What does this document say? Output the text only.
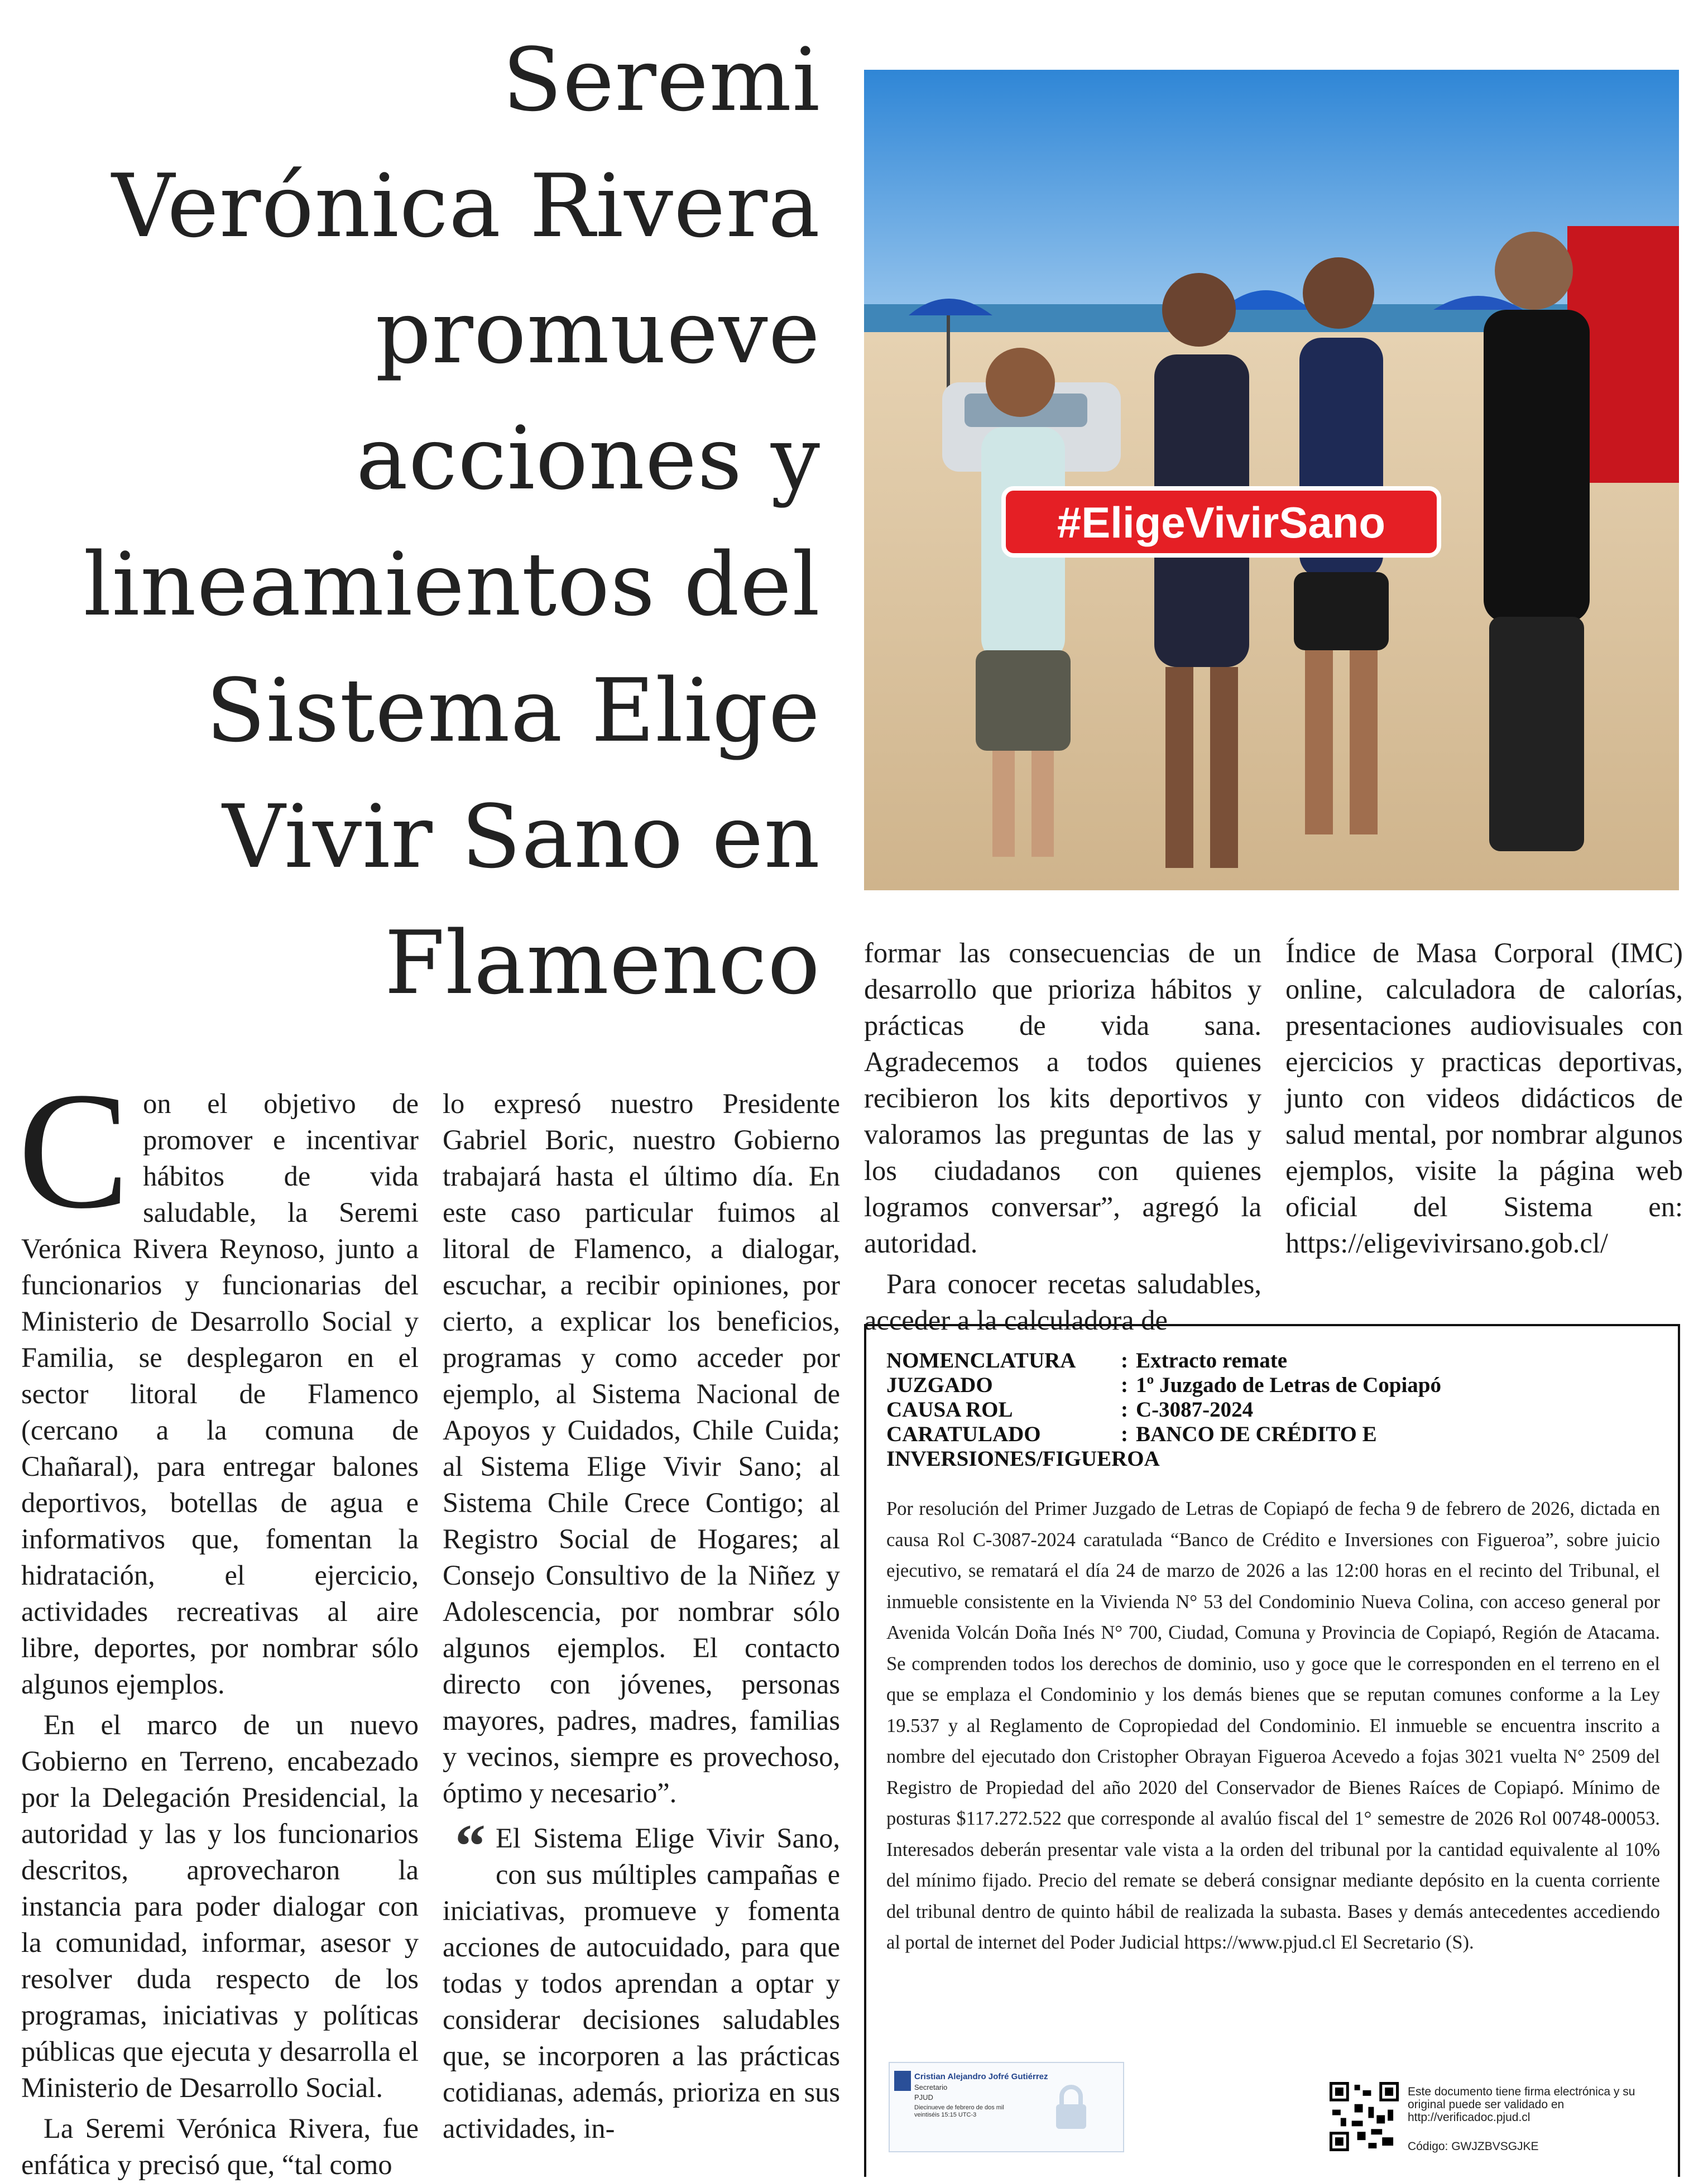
Seremi
Verónica Rivera
promueve
acciones y
lineamientos del
Sistema Elige
Vivir Sano en
Flamenco
#EligeVivirSano

Con el objetivo de promover e incentivar hábitos de vida saludable, la Seremi Verónica Rivera Reynoso, junto a funcionarios y funcionarias del Ministerio de Desarrollo Social y Familia, se desplegaron en el sector litoral de Flamenco (cercano a la comuna de Chañaral), para entregar balones deportivos, botellas de agua e informativos que, fomentan la hidratación, el ejercicio, actividades recreativas al aire libre, deportes, por nombrar sólo algunos ejemplos.

En el marco de un nuevo Gobierno en Terreno, encabezado por la Delegación Presidencial, la autoridad y las y los funcionarios descritos, aprovecharon la instancia para poder dialogar con la comunidad, informar, asesor y resolver duda respecto de los programas, iniciativas y políticas públicas que ejecuta y desarrolla el Ministerio de Desarrollo Social.

La Seremi Verónica Rivera, fue enfática y precisó que, “tal como

lo expresó nuestro Presidente Gabriel Boric, nuestro Gobierno trabajará hasta el último día. En este caso particular fuimos al litoral de Flamenco, a dialogar, escuchar, a recibir opiniones, por cierto, a explicar los beneficios, programas y como acceder por ejemplo, al Sistema Nacional de Apoyos y Cuidados, Chile Cuida; al Sistema Elige Vivir Sano; al Sistema Chile Crece Contigo; al Registro Social de Hogares; al Consejo Consultivo de la Niñez y Adolescencia, por nombrar sólo algunos ejemplos. El contacto directo con jóvenes, personas mayores, padres, madres, familias y vecinos, siempre es provechoso, óptimo y necesario”.

“ El Sistema Elige Vivir Sano, con sus múltiples campañas e iniciativas, promueve y fomenta acciones de autocuidado, para que todas y todos aprendan a optar y considerar decisiones saludables que, se incorporen a las prácticas cotidianas, además, prioriza en sus actividades, in-

formar las consecuencias de un desarrollo que prioriza hábitos y prácticas de vida sana. Agradecemos a todos quienes recibieron los kits deportivos y valoramos las preguntas de las y los ciudadanos con quienes logramos conversar”, agregó la autoridad.

Para conocer recetas saludables, acceder a la calculadora de

Índice de Masa Corporal (IMC) online, calculadora de calorías, presentaciones audiovisuales con ejercicios y practicas deportivas, junto con videos didácticos de salud mental, por nombrar algunos ejemplos, visite la página web oficial del Sistema en: https://eligevivirsano.gob.cl/

NOMENCLATURA	: Extracto remate
JUZGADO	: 1º Juzgado de Letras de Copiapó
CAUSA ROL	: C-3087-2024
CARATULADO	: BANCO DE CRÉDITO E
INVERSIONES/FIGUEROA
Por resolución del Primer Juzgado de Letras de Copiapó de fecha 9 de febrero de 2026, dictada en causa Rol C-3087-2024 caratulada “Banco de Crédito e Inversiones con Figueroa”, sobre juicio ejecutivo, se rematará el día 24 de marzo de 2026 a las 12:00 horas en el recinto del Tribunal, el inmueble consistente en la Vivienda N° 53 del Condominio Nueva Colina, con acceso general por Avenida Volcán Doña Inés N° 700, Ciudad, Comuna y Provincia de Copiapó, Región de Atacama. Se comprenden todos los derechos de dominio, uso y goce que le corresponden en el terreno en el que se emplaza el Condominio y los demás bienes que se reputan comunes conforme a la Ley 19.537 y al Reglamento de Copropiedad del Condominio. El inmueble se encuentra inscrito a nombre del ejecutado don Cristopher Obrayan Figueroa Acevedo a fojas 3021 vuelta N° 2509 del Registro de Propiedad del año 2020 del Conservador de Bienes Raíces de Copiapó. Mínimo de posturas $117.272.522 que corresponde al avalúo fiscal del 1° semestre de 2026 Rol 00748-00053. Interesados deberán presentar vale vista a la orden del tribunal por la cantidad equivalente al 10% del mínimo fijado. Precio del remate se deberá consignar mediante depósito en la cuenta corriente del tribunal dentro de quinto hábil de realizada la subasta. Bases y demás antecedentes accediendo al portal de internet del Poder Judicial https://www.pjud.cl El Secretario (S).
Cristian Alejandro Jofré Gutiérrez
Secretario
PJUD
Diecinueve de febrero de dos mil veintiséis 15:15 UTC-3
Este documento tiene firma electrónica y su original puede ser validado en http://verificadoc.pjud.cl
Código: GWJZBVSGJKE
